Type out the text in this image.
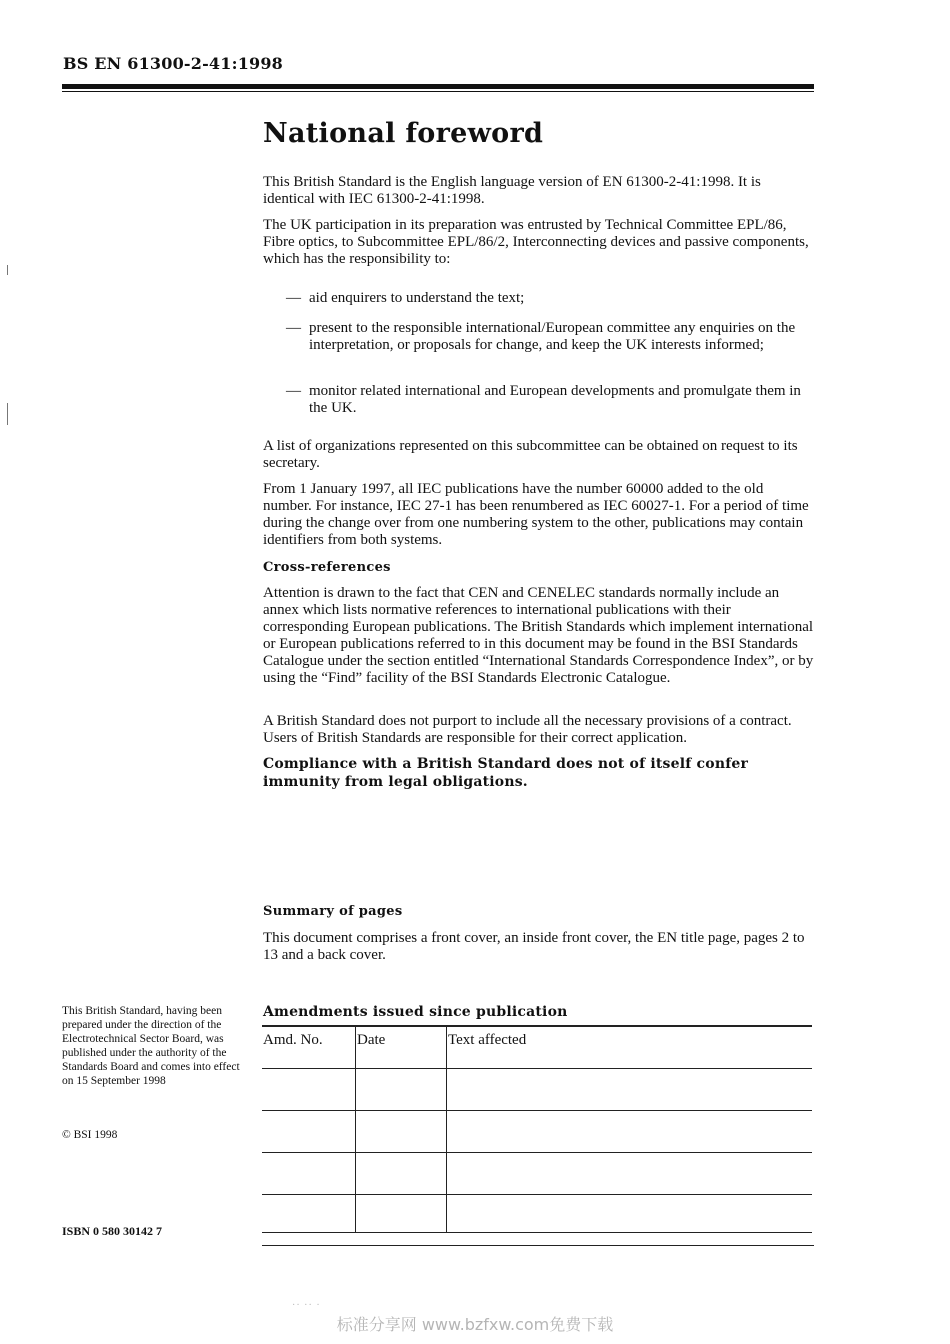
BS EN 61300-2-41:1998
National foreword

This British Standard is the English language version of EN 61300-2-41:1998. It is identical with IEC 61300-2-41:1998.

The UK participation in its preparation was entrusted by Technical Committee EPL/86, Fibre optics, to Subcommittee EPL/86/2, Interconnecting devices and passive components, which has the responsibility to:

— aid enquirers to understand the text;
— present to the responsible international/European committee any enquiries on the interpretation, or proposals for change, and keep the UK interests informed;
— monitor related international and European developments and promulgate them in the UK.

A list of organizations represented on this subcommittee can be obtained on request to its secretary.

From 1 January 1997, all IEC publications have the number 60000 added to the old number. For instance, IEC 27-1 has been renumbered as IEC 60027-1. For a period of time during the change over from one numbering system to the other, publications may contain identifiers from both systems.

Cross-references

Attention is drawn to the fact that CEN and CENELEC standards normally include an annex which lists normative references to international publications with their corresponding European publications. The British Standards which implement international or European publications referred to in this document may be found in the BSI Standards Catalogue under the section entitled “International Standards Correspondence Index”, or by using the “Find” facility of the BSI Standards Electronic Catalogue.

A British Standard does not purport to include all the necessary provisions of a contract. Users of British Standards are responsible for their correct application.

Compliance with a British Standard does not of itself confer immunity from legal obligations.
Summary of pages

This document comprises a front cover, an inside front cover, the EN title page, pages 2 to 13 and a back cover.

This British Standard, having been prepared under the direction of the Electrotechnical Sector Board, was published under the authority of the Standards Board and comes into effect on 15 September 1998
© BSI 1998
ISBN 0 580 30142 7
Amendments issued since publication
Amd. No.	Date	Text affected

·· ·· ·
标准分享网 www.bzfxw.com免费下载
